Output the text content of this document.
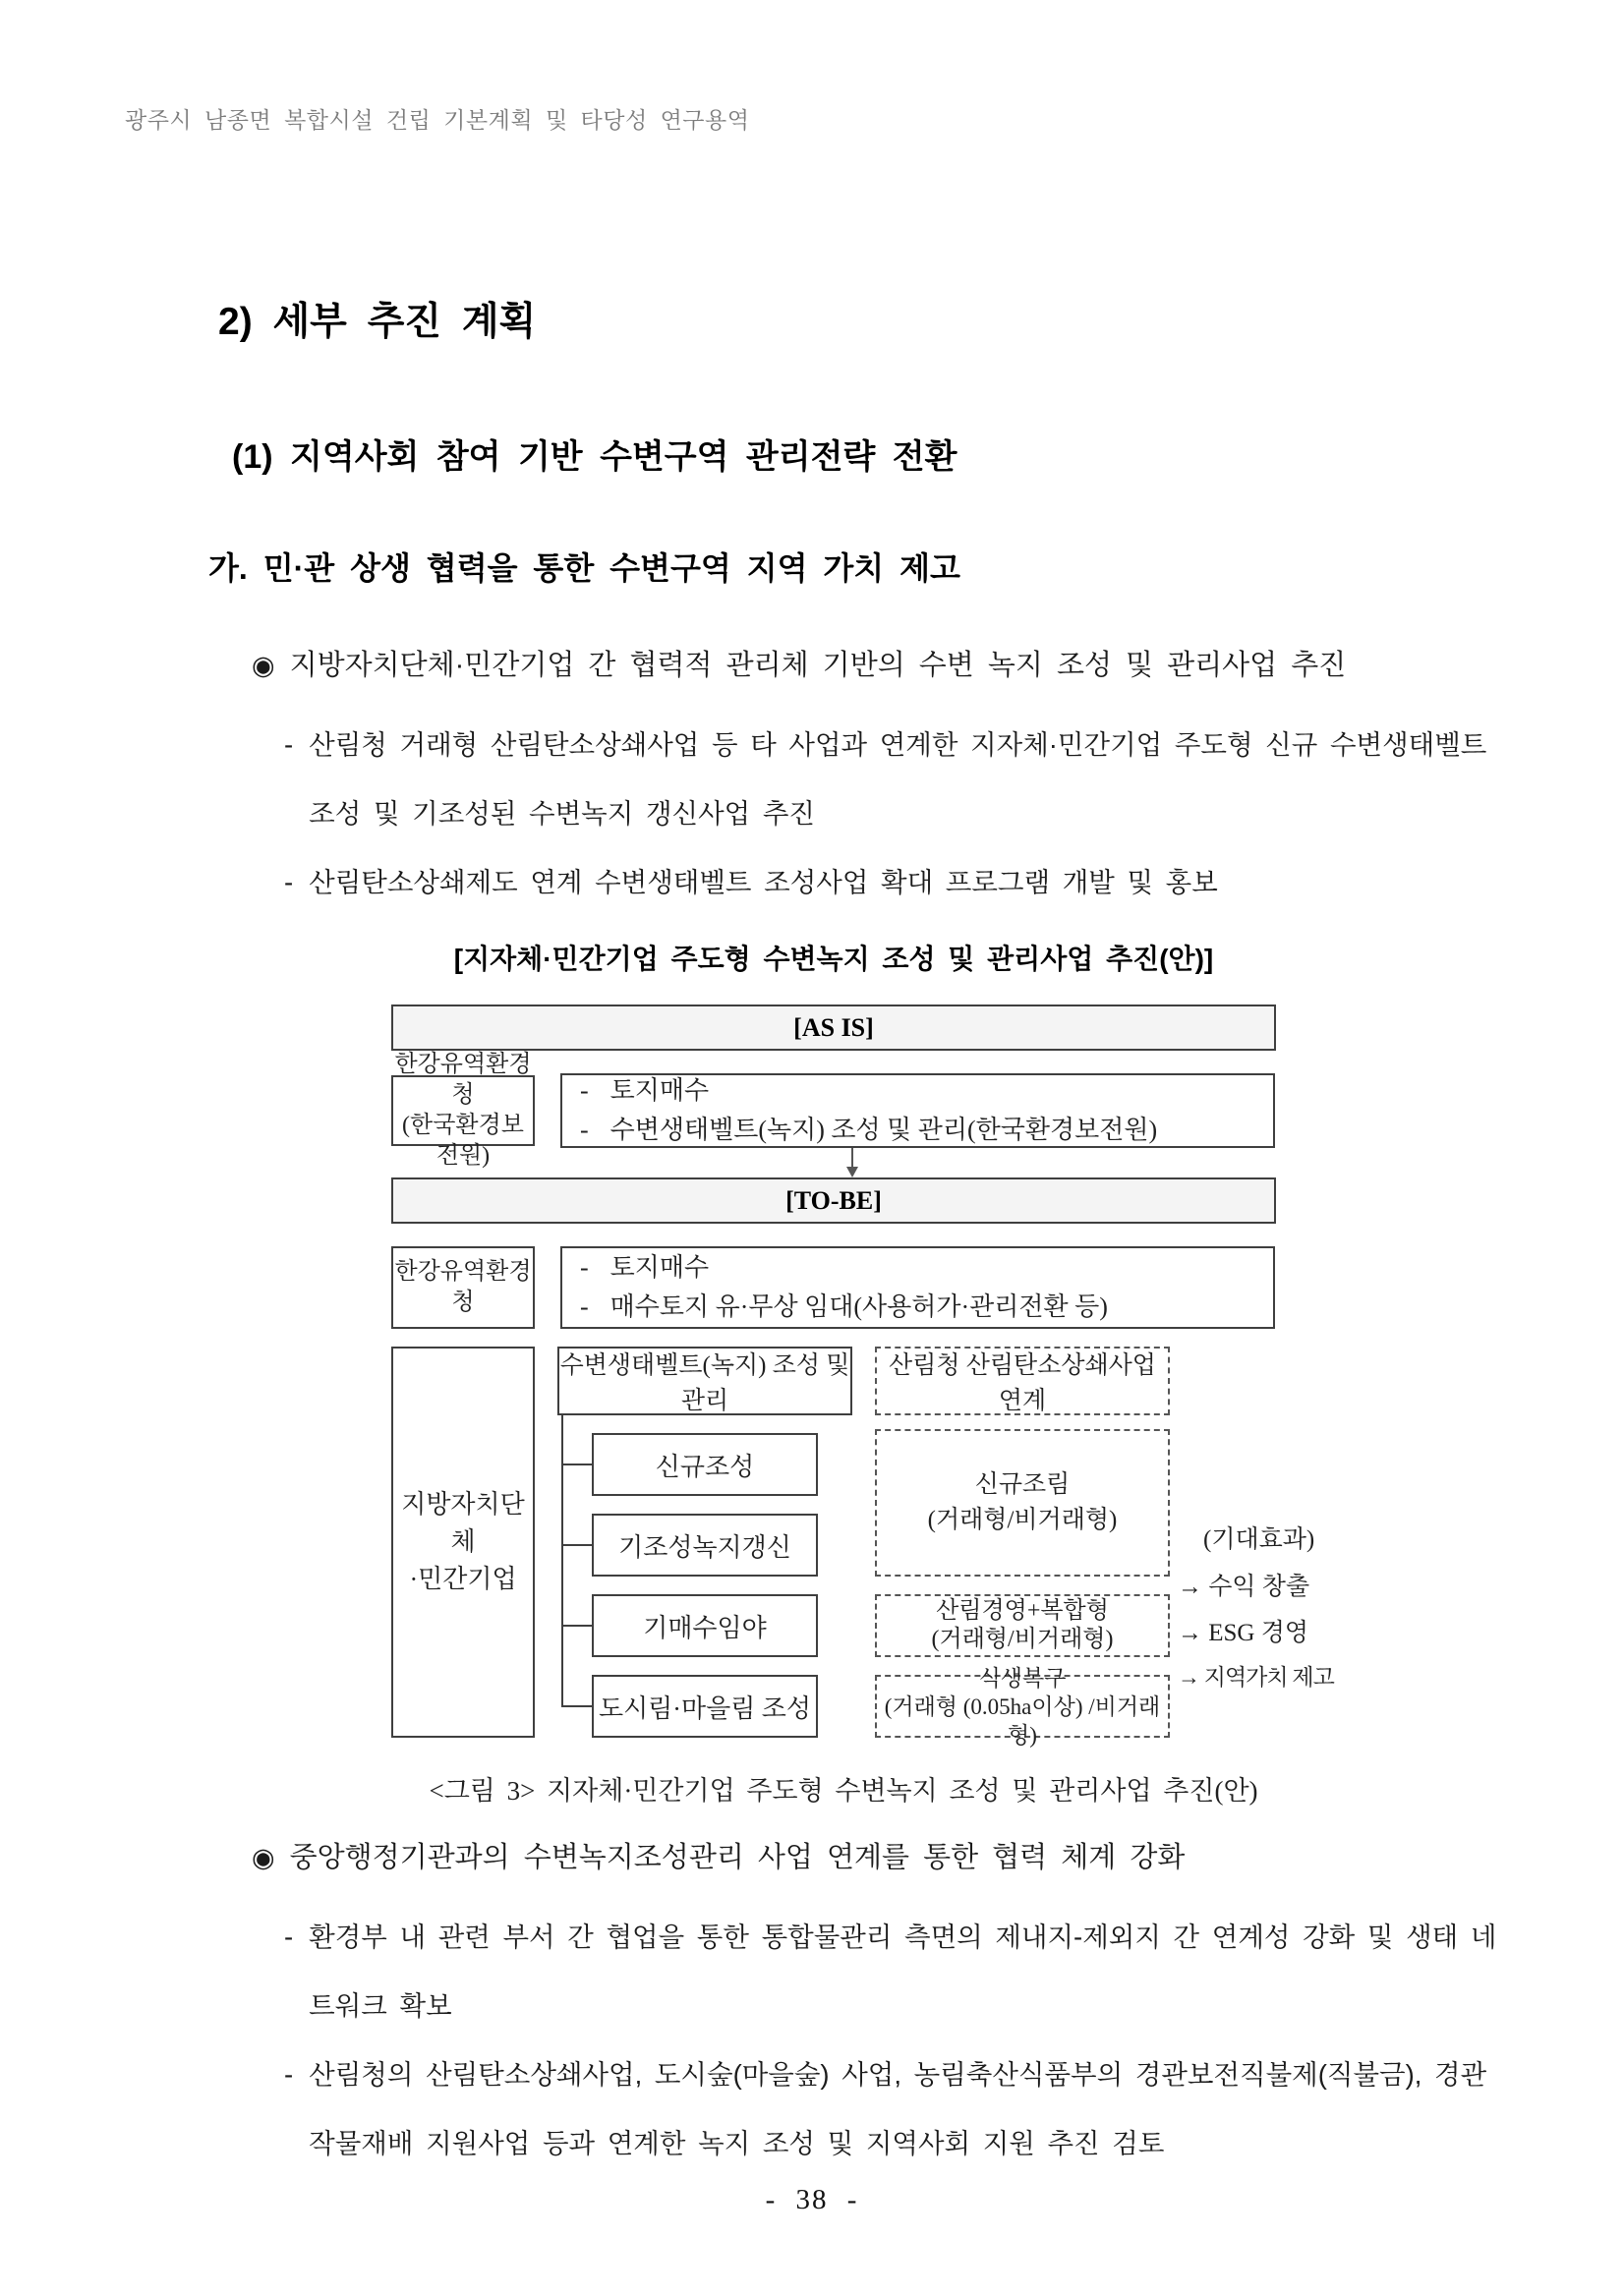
광주시 남종면 복합시설 건립 기본계획 및 타당성 연구용역
2) 세부 추진 계획
(1) 지역사회 참여 기반 수변구역 관리전략 전환
가. 민·관 상생 협력을 통한 수변구역 지역 가치 제고
◉ 지방자치단체·민간기업 간 협력적 관리체 기반의 수변 녹지 조성 및 관리사업 추진
- 산림청 거래형 산림탄소상쇄사업 등 타 사업과 연계한 지자체·민간기업 주도형 신규 수변생태벨트 조성 및 기조성된 수변녹지 갱신사업 추진
- 산림탄소상쇄제도 연계 수변생태벨트 조성사업 확대 프로그램 개발 및 홍보
[지자체·민간기업 주도형 수변녹지 조성 및 관리사업 추진(안)]
[AS IS]
한강유역환경청
(한국환경보전원)
- 토지매수
- 수변생태벨트(녹지) 조성 및 관리(한국환경보전원)
[TO-BE]
한강유역환경청
- 토지매수
- 매수토지 유·무상 임대(사용허가·관리전환 등)
지방자치단체
·민간기업
수변생태벨트(녹지) 조성 및 관리
신규조성
기조성녹지갱신
기매수임야
도시림·마을림 조성
산림청 산림탄소상쇄사업 연계
신규조림
(거래형/비거래형)
산림경영+복합형
(거래형/비거래형)
식생복구
(거래형 (0.05ha이상) /비거래형)
(기대효과)
→ 수익 창출
→ ESG 경영
→ 지역가치 제고
<그림 3> 지자체·민간기업 주도형 수변녹지 조성 및 관리사업 추진(안)
◉ 중앙행정기관과의 수변녹지조성관리 사업 연계를 통한 협력 체계 강화
- 환경부 내 관련 부서 간 협업을 통한 통합물관리 측면의 제내지-제외지 간 연계성 강화 및 생태 네트워크 확보
- 산림청의 산림탄소상쇄사업, 도시숲(마을숲) 사업, 농림축산식품부의 경관보전직불제(직불금), 경관 작물재배 지원사업 등과 연계한 녹지 조성 및 지역사회 지원 추진 검토
- 38 -
